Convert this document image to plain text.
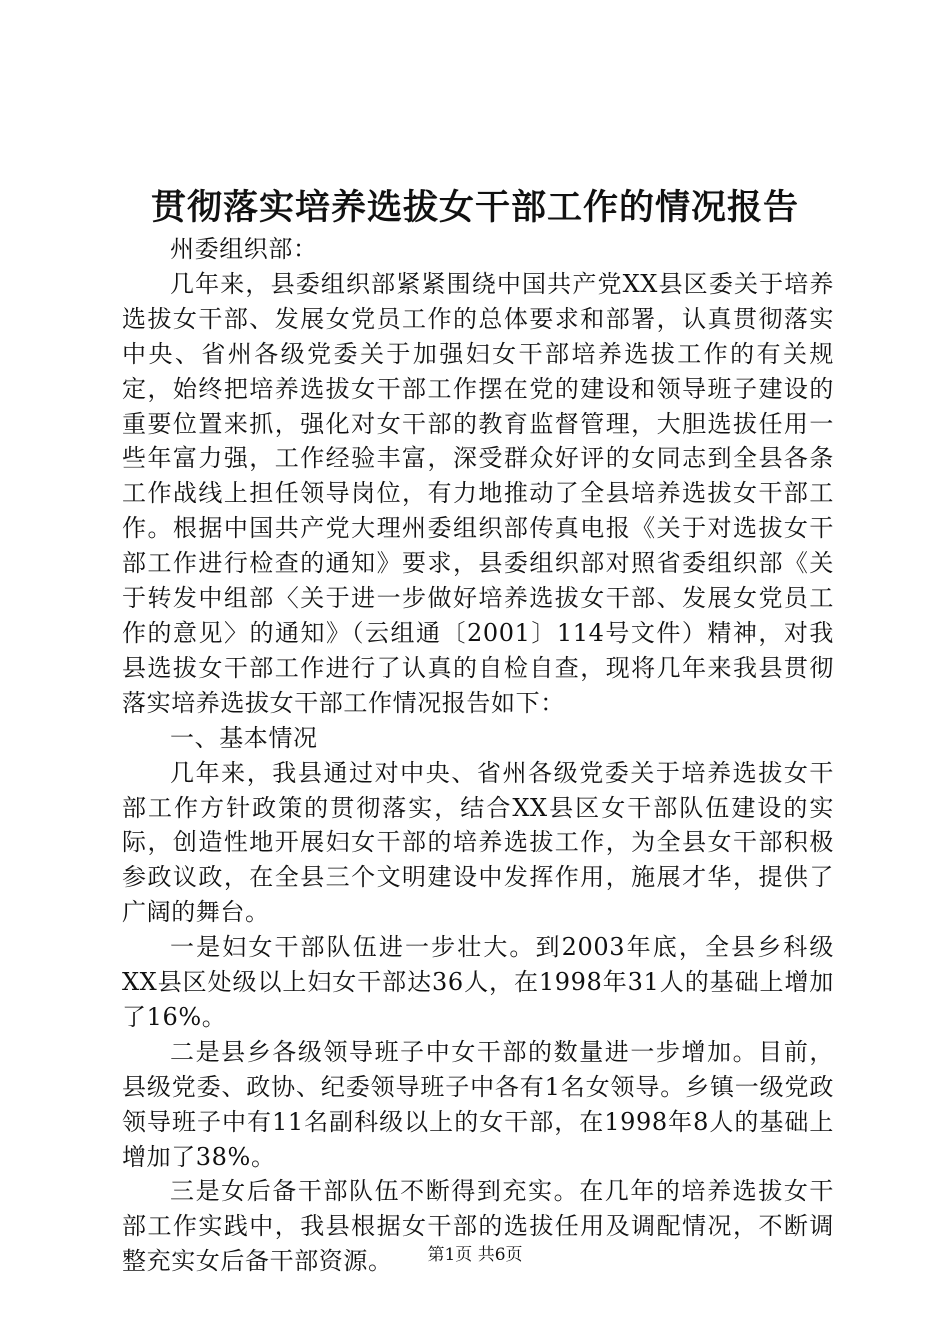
贯彻落实培养选拔女干部工作的情况报告

州委组织部：

几年来，县委组织部紧紧围绕中国共产党XX县区委关于培养选拔女干部、发展女党员工作的总体要求和部署，认真贯彻落实中央、省州各级党委关于加强妇女干部培养选拔工作的有关规定，始终把培养选拔女干部工作摆在党的建设和领导班子建设的重要位置来抓，强化对女干部的教育监督管理，大胆选拔任用一些年富力强，工作经验丰富，深受群众好评的女同志到全县各条工作战线上担任领导岗位，有力地推动了全县培养选拔女干部工作。根据中国共产党大理州委组织部传真电报《关于对选拔女干部工作进行检查的通知》要求，县委组织部对照省委组织部《关于转发中组部〈关于进一步做好培养选拔女干部、发展女党员工作的意见〉的通知》（云组通〔2001〕114号文件）精神，对我县选拔女干部工作进行了认真的自检自查，现将几年来我县贯彻落实培养选拔女干部工作情况报告如下：

一、基本情况

几年来，我县通过对中央、省州各级党委关于培养选拔女干部工作方针政策的贯彻落实，结合XX县区女干部队伍建设的实际，创造性地开展妇女干部的培养选拔工作，为全县女干部积极参政议政，在全县三个文明建设中发挥作用，施展才华，提供了广阔的舞台。

一是妇女干部队伍进一步壮大。到2003年底，全县乡科级XX县区处级以上妇女干部达36人，在1998年31人的基础上增加了16%。

二是县乡各级领导班子中女干部的数量进一步增加。目前，县级党委、政协、纪委领导班子中各有1名女领导。乡镇一级党政领导班子中有11名副科级以上的女干部，在1998年8人的基础上增加了38%。

三是女后备干部队伍不断得到充实。在几年的培养选拔女干部工作实践中，我县根据女干部的选拔任用及调配情况，不断调整充实女后备干部资源。	第1页 共6页
